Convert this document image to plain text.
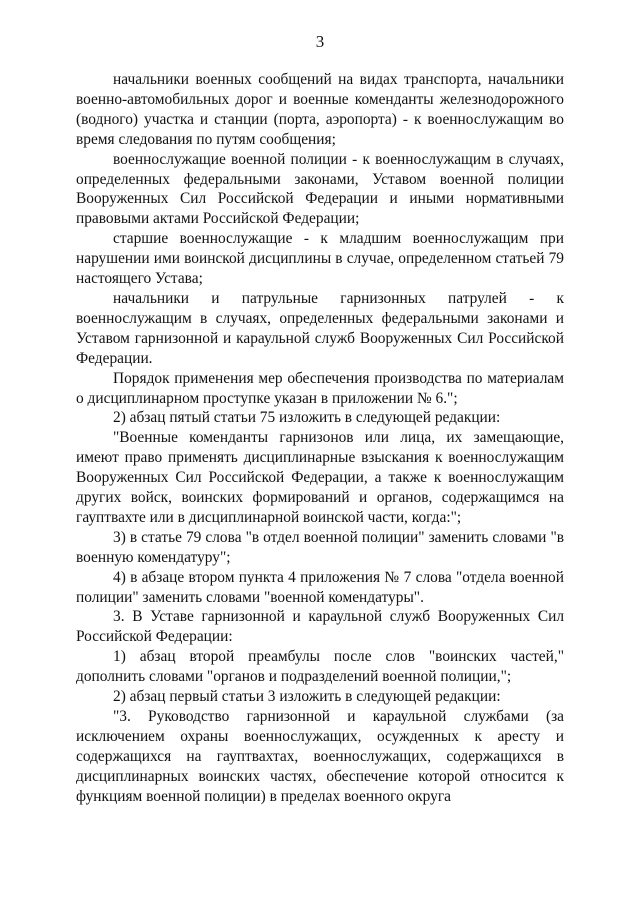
3

начальники военных сообщений на видах транспорта, начальники военно-автомобильных дорог и военные коменданты железнодорожного (водного) участка и станции (порта, аэропорта) - к военнослужащим во время следования по путям сообщения;

военнослужащие военной полиции - к военнослужащим в случаях, определенных федеральными законами, Уставом военной полиции Вооруженных Сил Российской Федерации и иными нормативными правовыми актами Российской Федерации;

старшие военнослужащие - к младшим военнослужащим при нарушении ими воинской дисциплины в случае, определенном статьей 79 настоящего Устава;

начальники и патрульные гарнизонных патрулей - к военнослужащим в случаях, определенных федеральными законами и Уставом гарнизонной и караульной служб Вооруженных Сил Российской Федерации.

Порядок применения мер обеспечения производства по материалам о дисциплинарном проступке указан в приложении № 6.";

2) абзац пятый статьи 75 изложить в следующей редакции:

"Военные коменданты гарнизонов или лица, их замещающие, имеют право применять дисциплинарные взыскания к военнослужащим Вооруженных Сил Российской Федерации, а также к военнослужащим других войск, воинских формирований и органов, содержащимся на гауптвахте или в дисциплинарной воинской части, когда:";

3) в статье 79 слова "в отдел военной полиции" заменить словами "в военную комендатуру";

4) в абзаце втором пункта 4 приложения № 7 слова "отдела военной полиции" заменить словами "военной комендатуры".

3. В Уставе гарнизонной и караульной служб Вооруженных Сил Российской Федерации:

1) абзац второй преамбулы после слов "воинских частей," дополнить словами "органов и подразделений военной полиции,";

2) абзац первый статьи 3 изложить в следующей редакции:

"3. Руководство гарнизонной и караульной службами (за исключением охраны военнослужащих, осужденных к аресту и содержащихся на гауптвахтах, военнослужащих, содержащихся в дисциплинарных воинских частях, обеспечение которой относится к функциям военной полиции) в пределах военного округа
